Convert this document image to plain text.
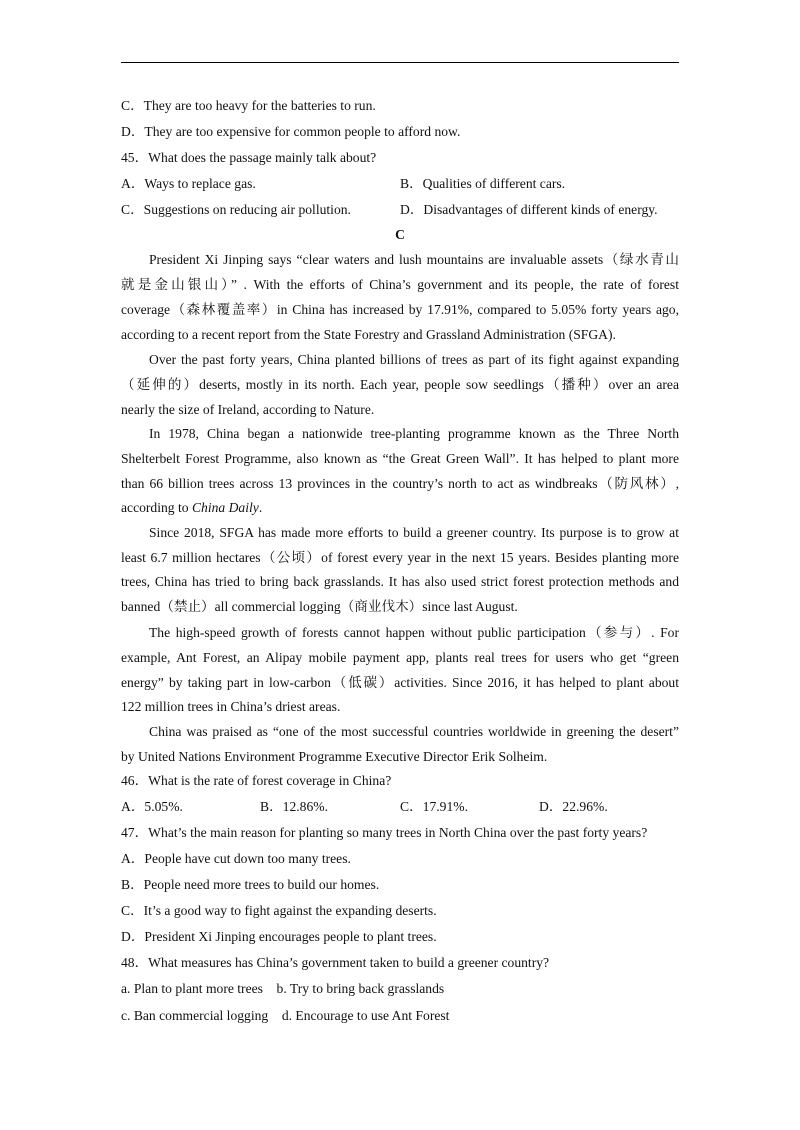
C．They are too heavy for the batteries to run.
D．They are too expensive for common people to afford now.
45．What does the passage mainly talk about?
A．Ways to replace gas.	B．Qualities of different cars.
C．Suggestions on reducing air pollution.	D．Disadvantages of different kinds of energy.
C
President Xi Jinping says “clear waters and lush mountains are invaluable assets（绿水青山
就是金山银山）” . With the efforts of China’s government and its people, the rate of forest
coverage（森林覆盖率）in China has increased by 17.91%, compared to 5.05% forty years ago,
according to a recent report from the State Forestry and Grassland Administration (SFGA).
Over the past forty years, China planted billions of trees as part of its fight against expanding
（延伸的）deserts, mostly in its north. Each year, people sow seedlings（播种）over an area
nearly the size of Ireland, according to Nature.
In 1978, China began a nationwide tree-planting programme known as the Three North
Shelterbelt Forest Programme, also known as “the Great Green Wall”. It has helped to plant more
than 66 billion trees across 13 provinces in the country’s north to act as windbreaks（防风林）,
according to China Daily.
Since 2018, SFGA has made more efforts to build a greener country. Its purpose is to grow at
least 6.7 million hectares（公顷）of forest every year in the next 15 years. Besides planting more
trees, China has tried to bring back grasslands. It has also used strict forest protection methods and
banned（禁止）all commercial logging（商业伐木）since last August.
The high-speed growth of forests cannot happen without public participation（参与）. For
example, Ant Forest, an Alipay mobile payment app, plants real trees for users who get “green
energy” by taking part in low-carbon（低碳）activities. Since 2016, it has helped to plant about
122 million trees in China’s driest areas.
China was praised as “one of the most successful countries worldwide in greening the desert”
by United Nations Environment Programme Executive Director Erik Solheim.
46．What is the rate of forest coverage in China?
A．5.05%.	B．12.86%.	C．17.91%.	D．22.96%.
47．What’s the main reason for planting so many trees in North China over the past forty years?
A．People have cut down too many trees.
B．People need more trees to build our homes.
C．It’s a good way to fight against the expanding deserts.
D．President Xi Jinping encourages people to plant trees.
48．What measures has China’s government taken to build a greener country?
a. Plan to plant more trees　b. Try to bring back grasslands
c. Ban commercial logging　d. Encourage to use Ant Forest
